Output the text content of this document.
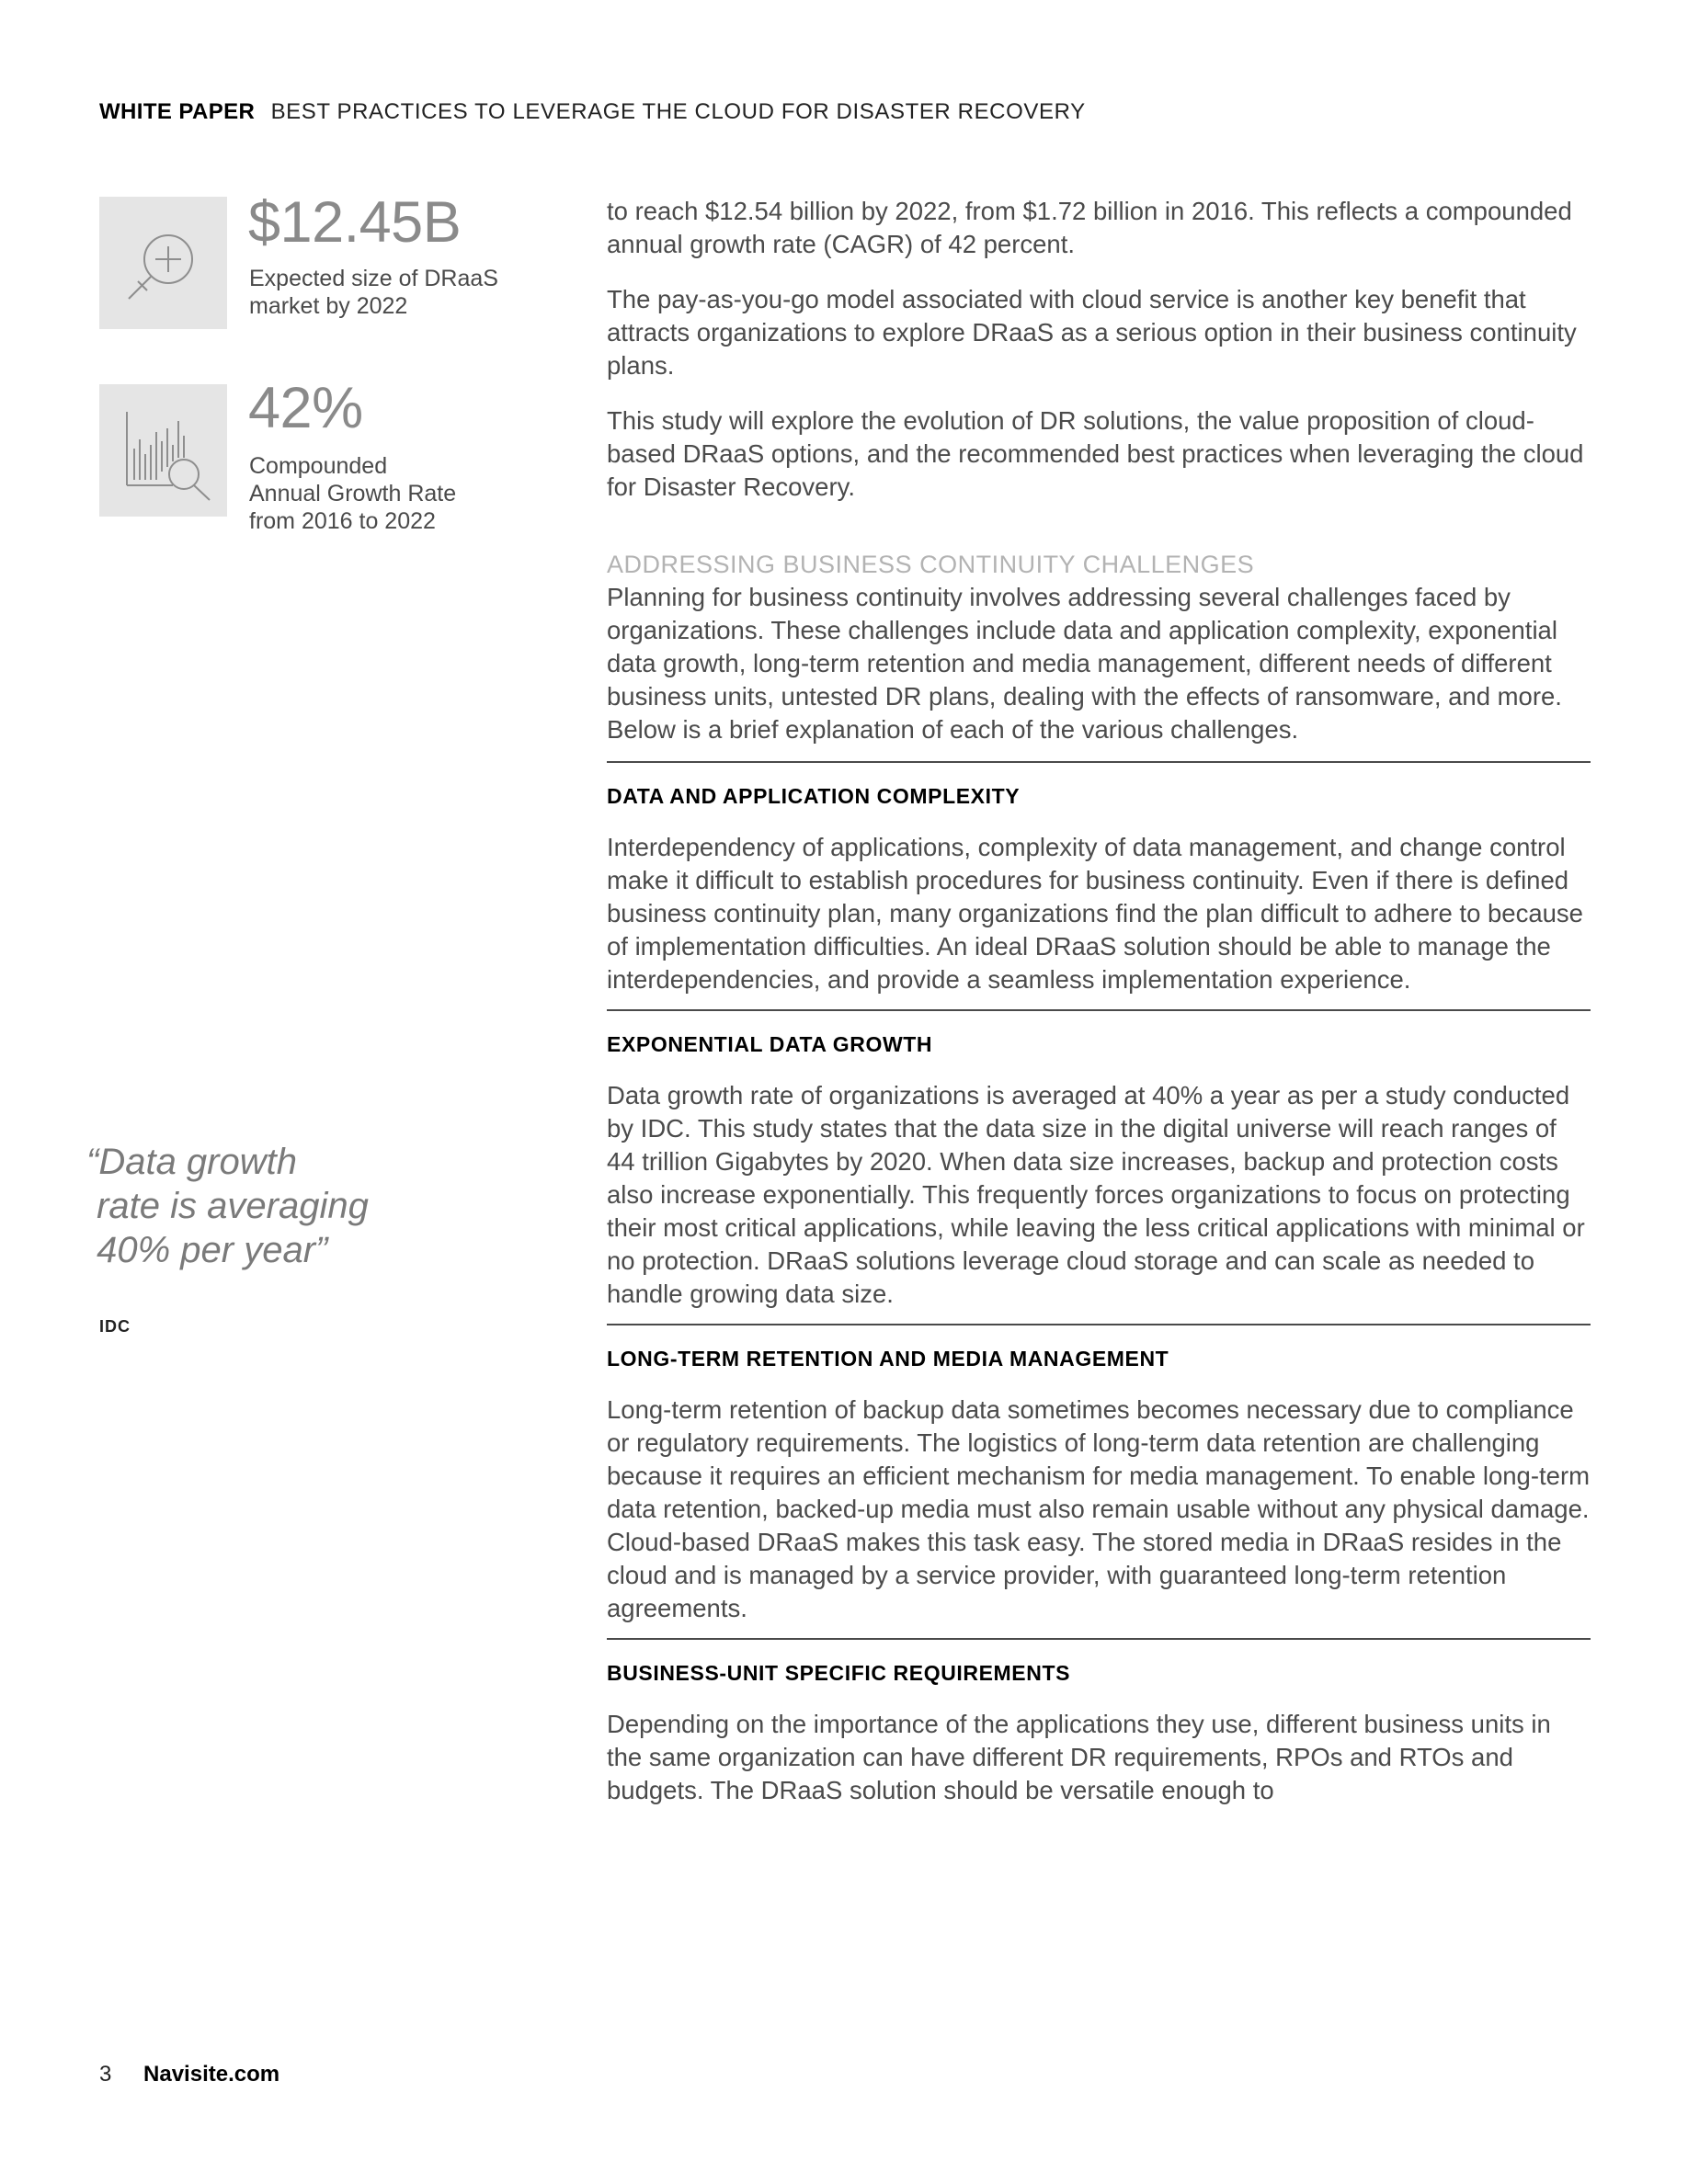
WHITE PAPER BEST PRACTICES TO LEVERAGE THE CLOUD FOR DISASTER RECOVERY
$12.45B
Expected size of DRaaS
market by 2022
42%
Compounded
Annual Growth Rate
from 2016 to 2022
“Data growth
rate is averaging
40% per year”
IDC

to reach $12.54 billion by 2022, from $1.72 billion in 2016. This reflects a compounded annual growth rate (CAGR) of 42 percent.

The pay-as-you-go model associated with cloud service is another key benefit that attracts organizations to explore DRaaS as a serious option in their business continuity plans.

This study will explore the evolution of DR solutions, the value proposition of cloud-based DRaaS options, and the recommended best practices when leveraging the cloud for Disaster Recovery.

ADDRESSING BUSINESS CONTINUITY CHALLENGES

Planning for business continuity involves addressing several challenges faced by organizations. These challenges include data and application complexity, exponential data growth, long-term retention and media management, different needs of different business units, untested DR plans, dealing with the effects of ransomware, and more. Below is a brief explanation of each of the various challenges.

DATA AND APPLICATION COMPLEXITY

Interdependency of applications, complexity of data management, and change control make it difficult to establish procedures for business continuity. Even if there is defined business continuity plan, many organizations find the plan difficult to adhere to because of implementation difficulties. An ideal DRaaS solution should be able to manage the interdependencies, and provide a seamless implementation experience.

EXPONENTIAL DATA GROWTH

Data growth rate of organizations is averaged at 40% a year as per a study conducted by IDC. This study states that the data size in the digital universe will reach ranges of 44 trillion Gigabytes by 2020. When data size increases, backup and protection costs also increase exponentially. This frequently forces organizations to focus on protecting their most critical applications, while leaving the less critical applications with minimal or no protection. DRaaS solutions leverage cloud storage and can scale as needed to handle growing data size.

LONG-TERM RETENTION AND MEDIA MANAGEMENT

Long-term retention of backup data sometimes becomes necessary due to compliance or regulatory requirements. The logistics of long-term data retention are challenging because it requires an efficient mechanism for media management. To enable long-term data retention, backed-up media must also remain usable without any physical damage. Cloud-based DRaaS makes this task easy. The stored media in DRaaS resides in the cloud and is managed by a service provider, with guaranteed long-term retention agreements.

BUSINESS-UNIT SPECIFIC REQUIREMENTS

Depending on the importance of the applications they use, different business units in the same organization can have different DR requirements, RPOs and RTOs and budgets. The DRaaS solution should be versatile enough to

3 Navisite.com
